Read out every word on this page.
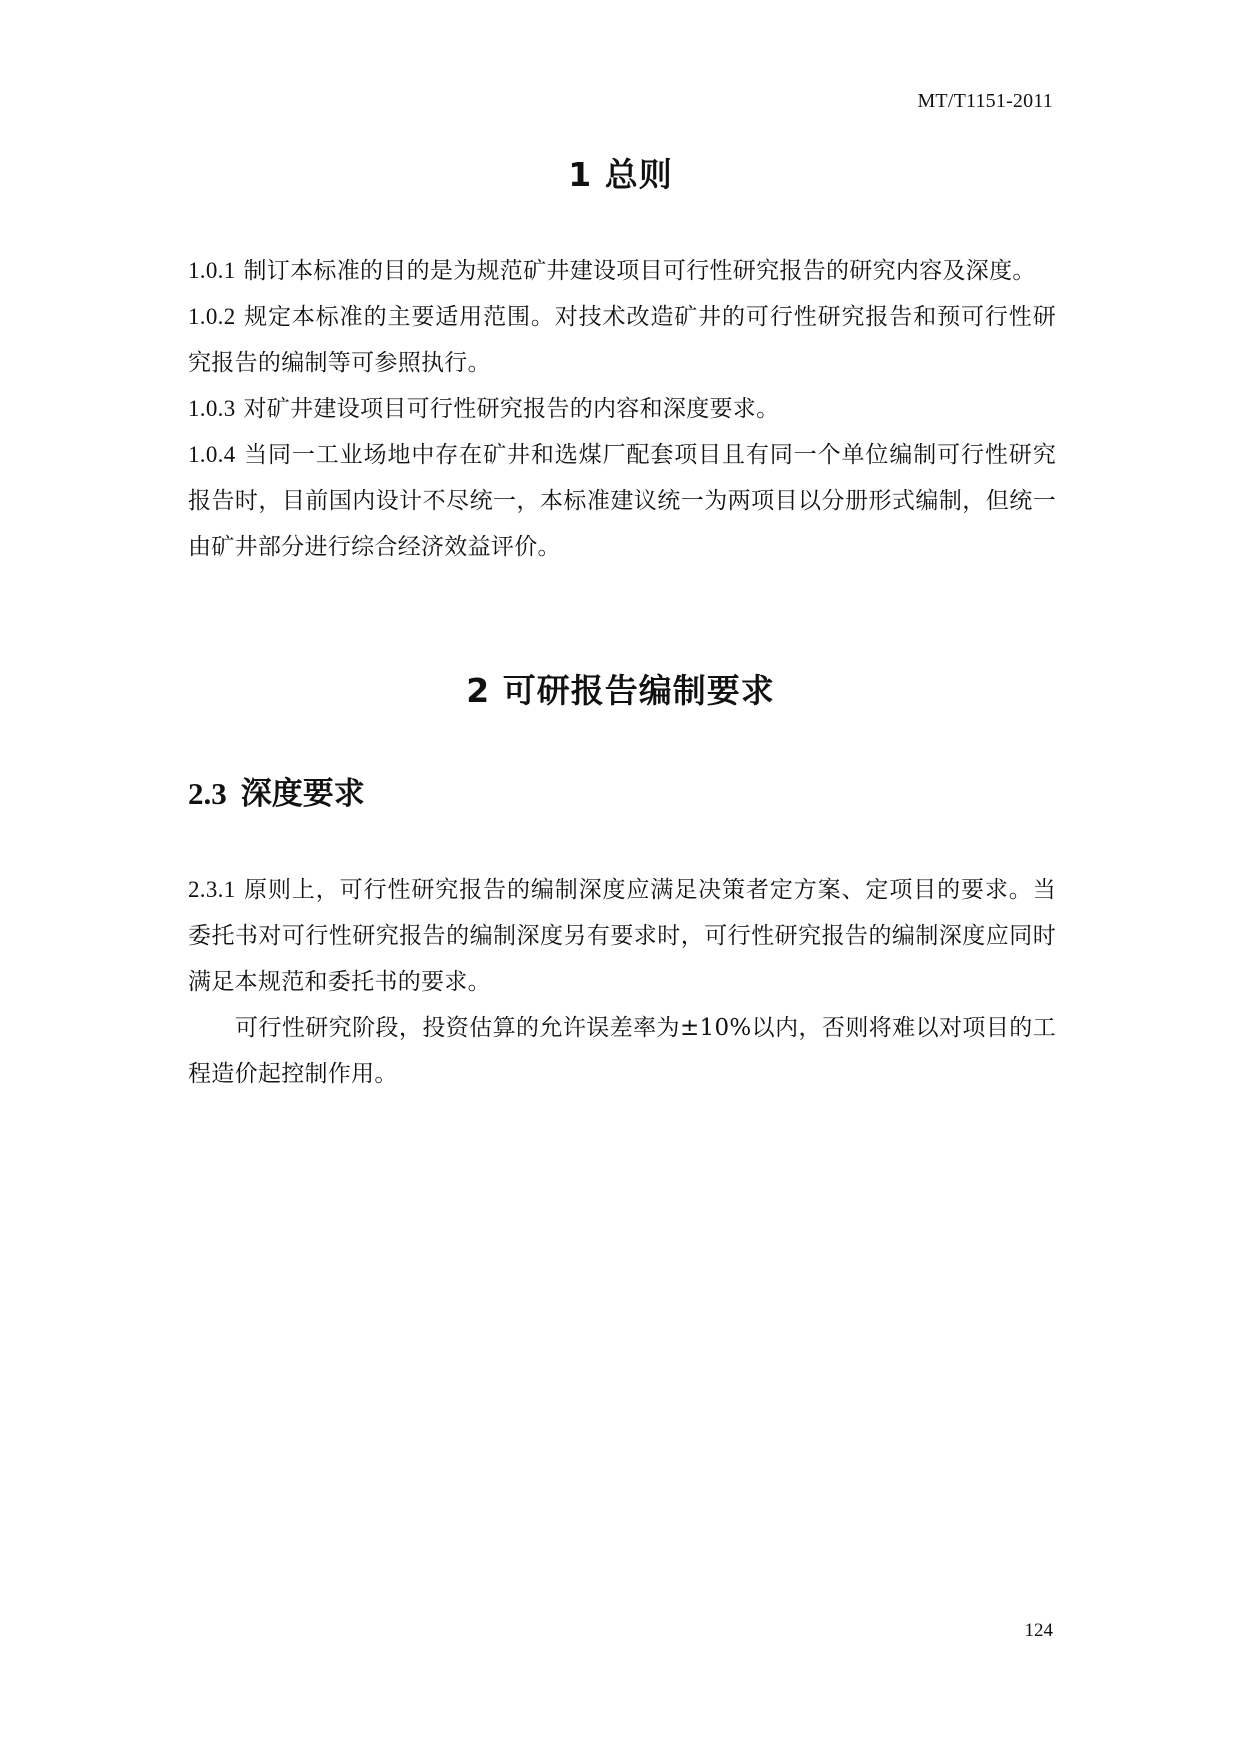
MT/T1151-2011
1 总则

1.0.1 制订本标准的目的是为规范矿井建设项目可行性研究报告的研究内容及深度。

1.0.2 规定本标准的主要适用范围。对技术改造矿井的可行性研究报告和预可行性研究报告的编制等可参照执行。

1.0.3 对矿井建设项目可行性研究报告的内容和深度要求。

1.0.4 当同一工业场地中存在矿井和选煤厂配套项目且有同一个单位编制可行性研究报告时，目前国内设计不尽统一，本标准建议统一为两项目以分册形式编制，但统一由矿井部分进行综合经济效益评价。

2 可研报告编制要求
2.3 深度要求

2.3.1 原则上，可行性研究报告的编制深度应满足决策者定方案、定项目的要求。当委托书对可行性研究报告的编制深度另有要求时，可行性研究报告的编制深度应同时满足本规范和委托书的要求。

可行性研究阶段，投资估算的允许误差率为±10%以内，否则将难以对项目的工程造价起控制作用。

124
